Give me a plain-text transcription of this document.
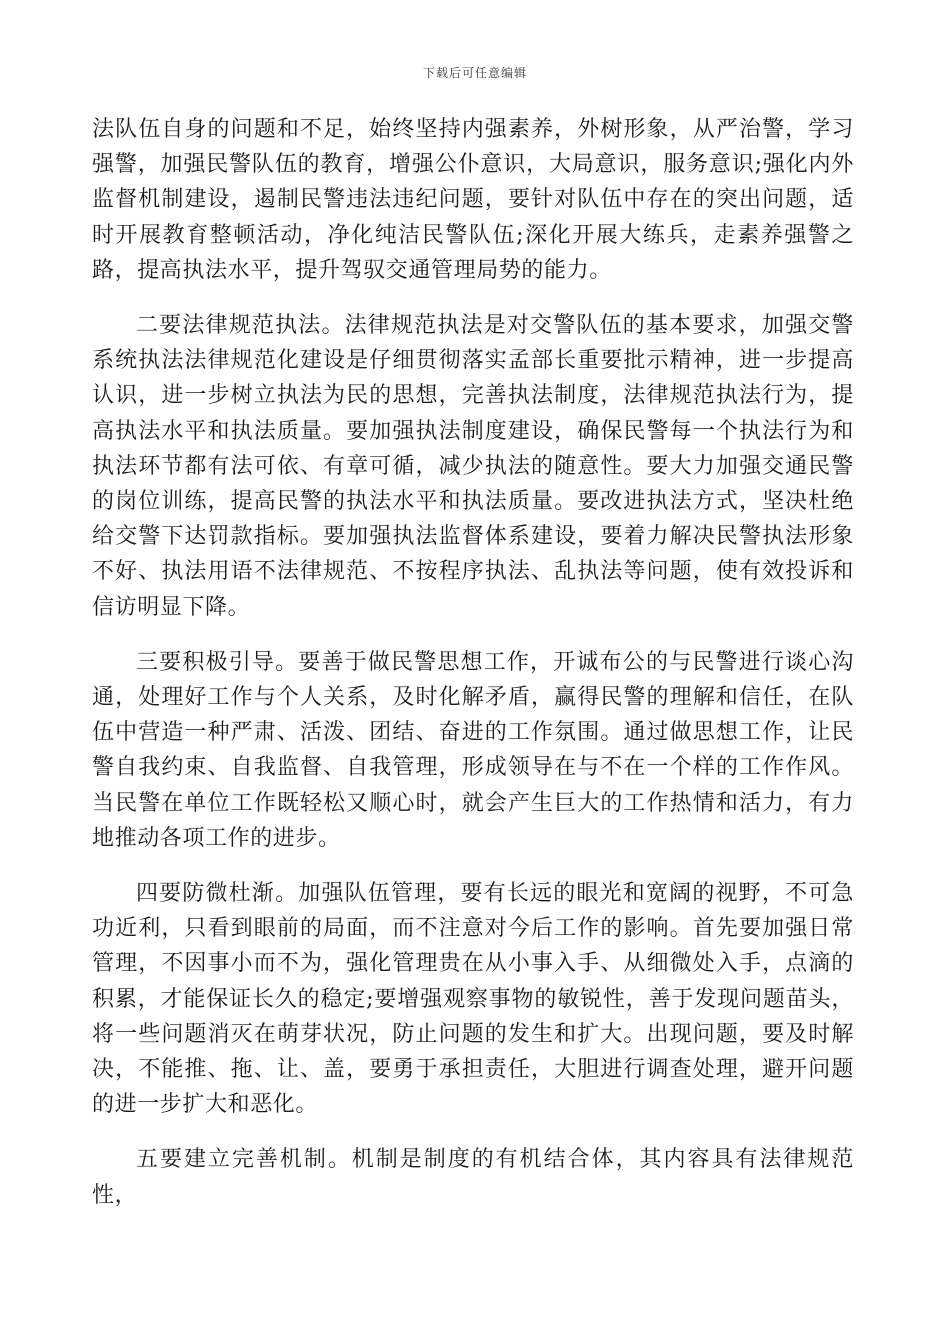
下载后可任意编辑

法队伍自身的问题和不足，始终坚持内强素养，外树形象，从严治警，学习强警，加强民警队伍的教育，增强公仆意识，大局意识，服务意识;强化内外监督机制建设，遏制民警违法违纪问题，要针对队伍中存在的突出问题，适时开展教育整顿活动，净化纯洁民警队伍;深化开展大练兵，走素养强警之路，提高执法水平，提升驾驭交通管理局势的能力。

二要法律规范执法。法律规范执法是对交警队伍的基本要求，加强交警系统执法法律规范化建设是仔细贯彻落实孟部长重要批示精神，进一步提高认识，进一步树立执法为民的思想，完善执法制度，法律规范执法行为，提高执法水平和执法质量。要加强执法制度建设，确保民警每一个执法行为和执法环节都有法可依、有章可循，减少执法的随意性。要大力加强交通民警的岗位训练，提高民警的执法水平和执法质量。要改进执法方式，坚决杜绝给交警下达罚款指标。要加强执法监督体系建设，要着力解决民警执法形象不好、执法用语不法律规范、不按程序执法、乱执法等问题，使有效投诉和信访明显下降。

三要积极引导。要善于做民警思想工作，开诚布公的与民警进行谈心沟通，处理好工作与个人关系，及时化解矛盾，赢得民警的理解和信任，在队伍中营造一种严肃、活泼、团结、奋进的工作氛围。通过做思想工作，让民警自我约束、自我监督、自我管理，形成领导在与不在一个样的工作作风。当民警在单位工作既轻松又顺心时，就会产生巨大的工作热情和活力，有力地推动各项工作的进步。

四要防微杜渐。加强队伍管理，要有长远的眼光和宽阔的视野，不可急功近利，只看到眼前的局面，而不注意对今后工作的影响。首先要加强日常管理，不因事小而不为，强化管理贵在从小事入手、从细微处入手，点滴的积累，才能保证长久的稳定;要增强观察事物的敏锐性，善于发现问题苗头，将一些问题消灭在萌芽状况，防止问题的发生和扩大。出现问题，要及时解决，不能推、拖、让、盖，要勇于承担责任，大胆进行调查处理，避开问题的进一步扩大和恶化。

五要建立完善机制。机制是制度的有机结合体，其内容具有法律规范性，
